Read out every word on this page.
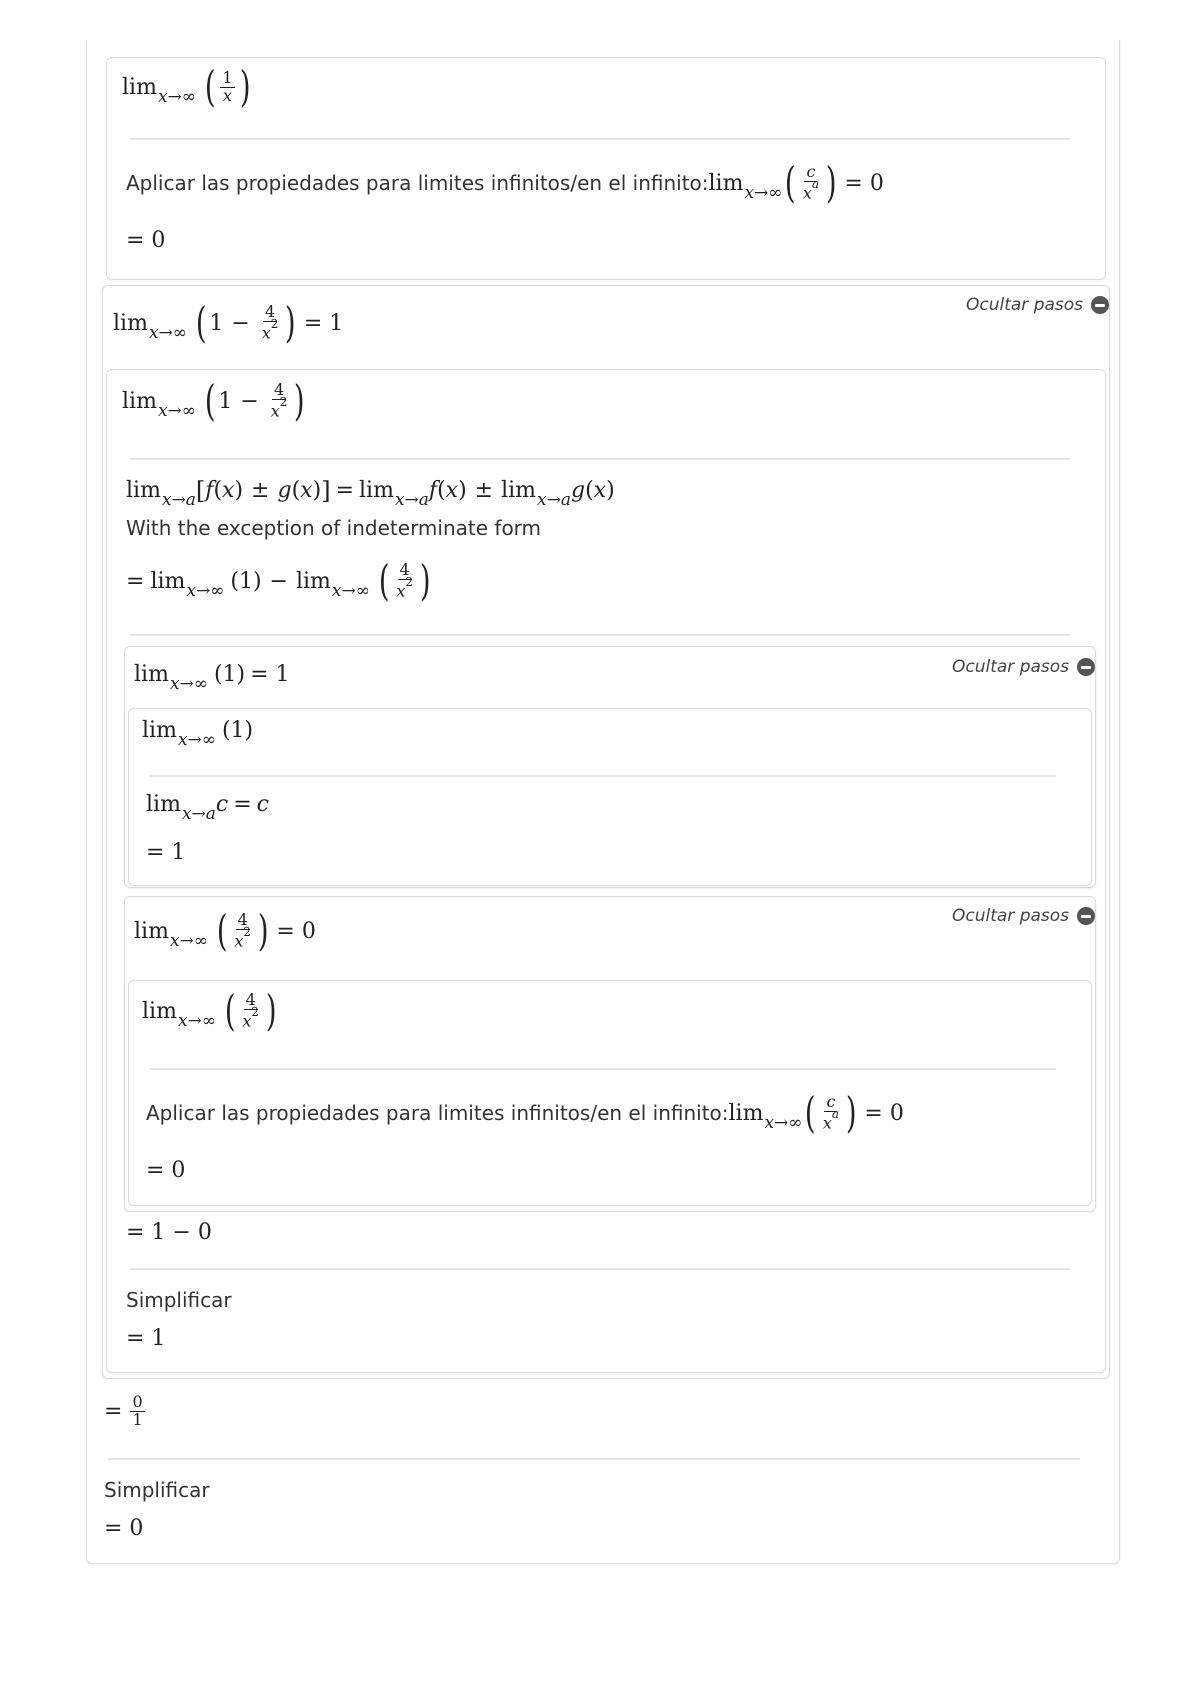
lim x→∞ ( $\frac{1}{x}$ )
Aplicar las propiedades para limites infinitos/en el infinito: lim x→∞ ( $\frac{c}{x^a}$ ) = 0
= 0
lim x→∞ ( $1 - \frac{4}{x^2}$ ) = 1
Ocultar pasos
lim x→∞ ( $1 - \frac{4}{x^2}$ )
lim x→a [ f ( x ) ± g ( x ) ] = lim x→a f ( x ) ± lim x→a g ( x )
With the exception of indeterminate form
= lim x→∞ (1) − lim x→∞ ( $\frac{4}{x^2}$ )
lim x→∞ (1) = 1	Ocultar pasos
lim x→∞ (1)
lim x→a c = c
= 1
lim x→∞ ( $\frac{4}{x^2}$ ) = 0
Ocultar pasos
lim x→∞ ( $\frac{4}{x^2}$ )
Aplicar las propiedades para limites infinitos/en el infinito: lim x→∞ ( $\frac{c}{x^a}$ ) = 0
= 0
= 1 − 0
Simplificar
= 1
= $\frac{0}{1}$
Simplificar
= 0
